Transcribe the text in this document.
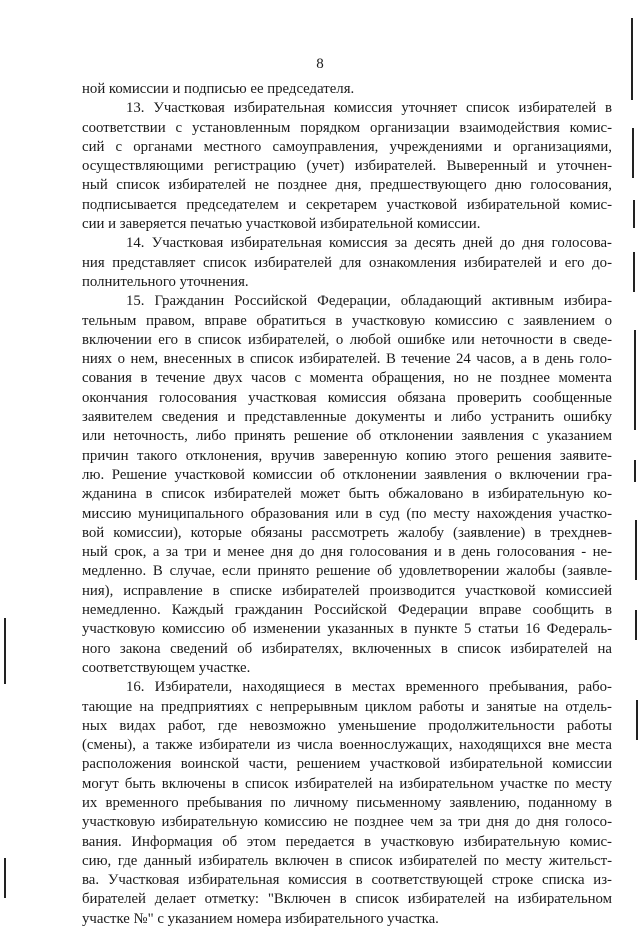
8
ной комиссии и подписью ее председателя.
13. Участковая избирательная комиссия уточняет список избирателей в
соответствии с установленным порядком организации взаимодействия комис-
сий с органами местного самоуправления, учреждениями и организациями,
осуществляющими регистрацию (учет) избирателей. Выверенный и уточнен-
ный список избирателей не позднее дня, предшествующего дню голосования,
подписывается председателем и секретарем участковой избирательной комис-
сии и заверяется печатью участковой избирательной комиссии.
14. Участковая избирательная комиссия за десять дней до дня голосова-
ния представляет список избирателей для ознакомления избирателей и его до-
полнительного уточнения.
15. Гражданин Российской Федерации, обладающий активным избира-
тельным правом, вправе обратиться в участковую комиссию с заявлением о
включении его в список избирателей, о любой ошибке или неточности в сведе-
ниях о нем, внесенных в список избирателей. В течение 24 часов, а в день голо-
сования в течение двух часов с момента обращения, но не позднее момента
окончания голосования участковая комиссия обязана проверить сообщенные
заявителем сведения и представленные документы и либо устранить ошибку
или неточность, либо принять решение об отклонении заявления с указанием
причин такого отклонения, вручив заверенную копию этого решения заявите-
лю. Решение участковой комиссии об отклонении заявления о включении гра-
жданина в список избирателей может быть обжаловано в избирательную ко-
миссию муниципального образования или в суд (по месту нахождения участко-
вой комиссии), которые обязаны рассмотреть жалобу (заявление) в трехднев-
ный срок, а за три и менее дня до дня голосования и в день голосования - не-
медленно. В случае, если принято решение об удовлетворении жалобы (заявле-
ния), исправление в списке избирателей производится участковой комиссией
немедленно. Каждый гражданин Российской Федерации вправе сообщить в
участковую комиссию об изменении указанных в пункте 5 статьи 16 Федераль-
ного закона сведений об избирателях, включенных в список избирателей на
соответствующем участке.
16. Избиратели, находящиеся в местах временного пребывания, рабо-
тающие на предприятиях с непрерывным циклом работы и занятые на отдель-
ных видах работ, где невозможно уменьшение продолжительности работы
(смены), а также избиратели из числа военнослужащих, находящихся вне места
расположения воинской части, решением участковой избирательной комиссии
могут быть включены в список избирателей на избирательном участке по месту
их временного пребывания по личному письменному заявлению, поданному в
участковую избирательную комиссию не позднее чем за три дня до дня голосо-
вания. Информация об этом передается в участковую избирательную комис-
сию, где данный избиратель включен в список избирателей по месту жительст-
ва. Участковая избирательная комиссия в соответствующей строке списка из-
бирателей делает отметку: "Включен в список избирателей на избирательном
участке №" с указанием номера избирательного участка.
